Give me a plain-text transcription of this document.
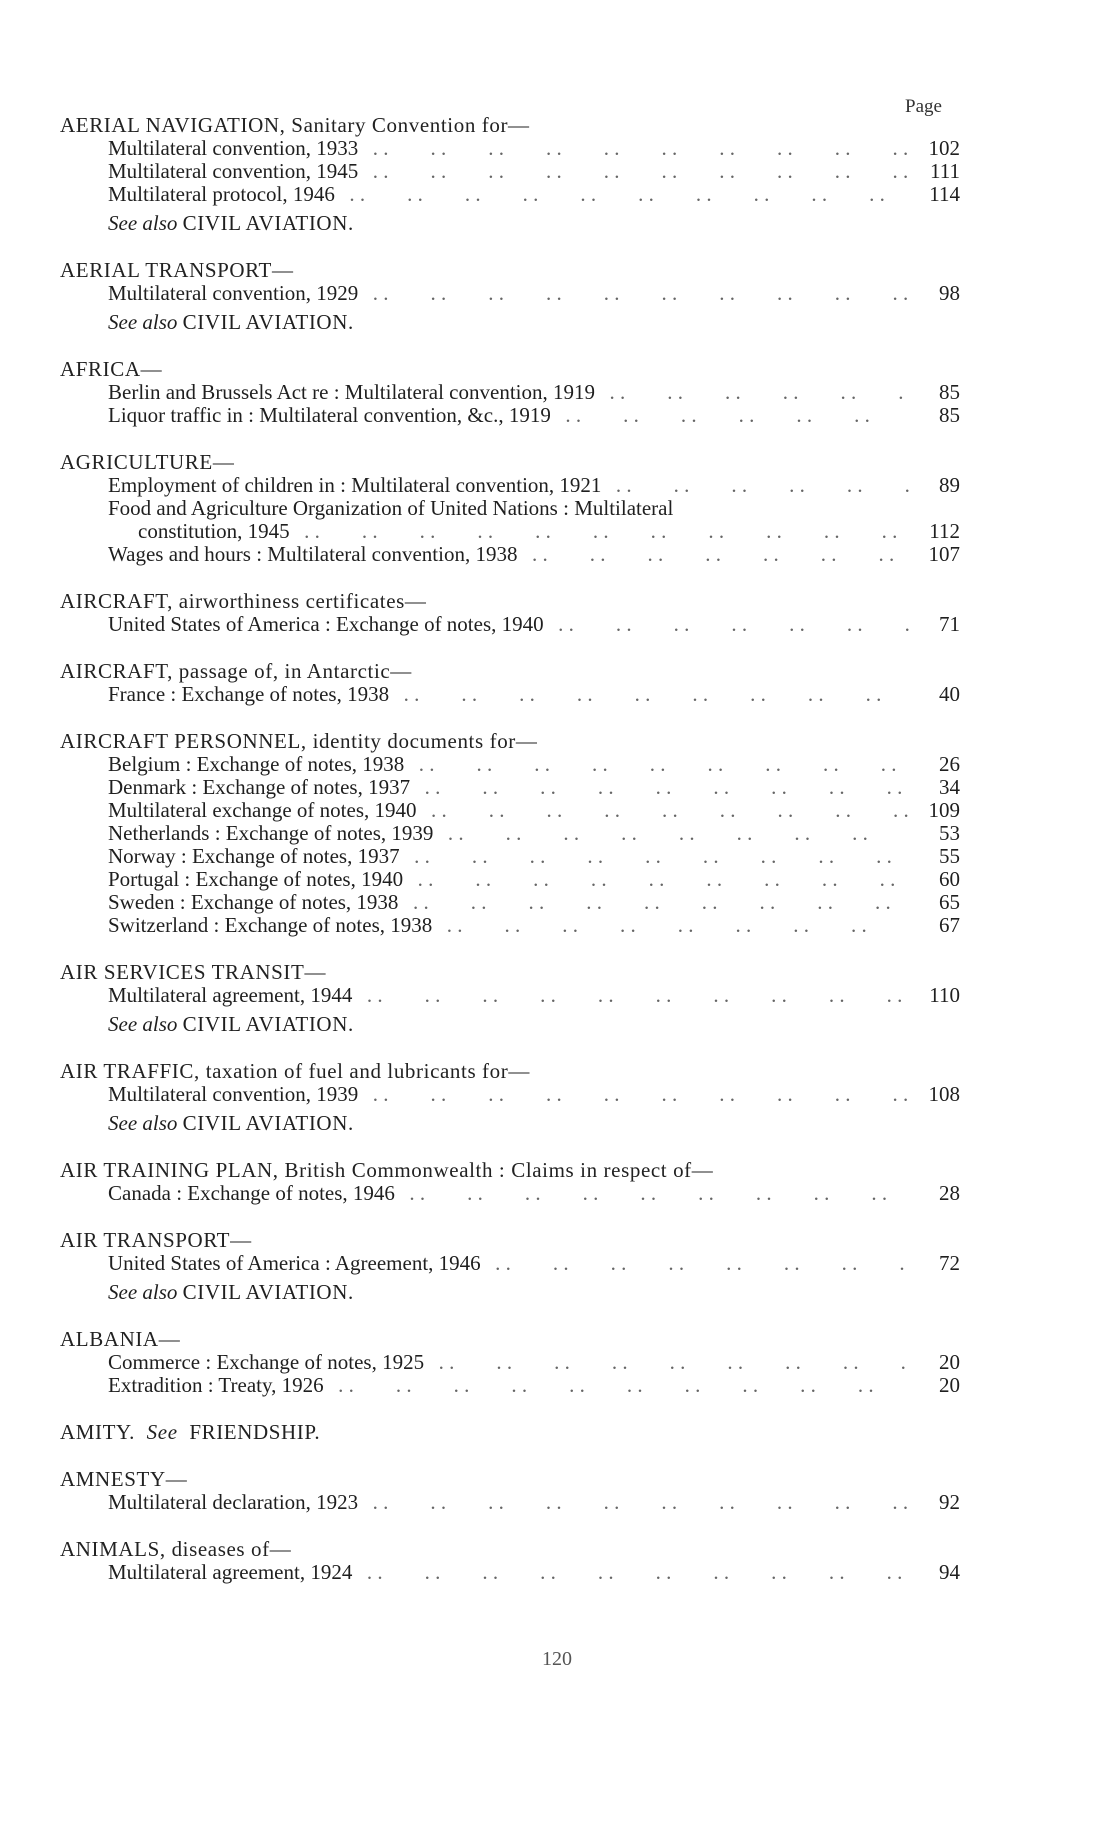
Page
AERIAL NAVIGATION, Sanitary Convention for—
Multilateral convention, 1933 . .	102
Multilateral convention, 1945 . .	111
Multilateral protocol, 1946 . .	114
See also CIVIL AVIATION.
AERIAL TRANSPORT—
Multilateral convention, 1929 . .	98
See also CIVIL AVIATION.
AFRICA—
Berlin and Brussels Act re : Multilateral convention, 1919 . .	85
Liquor traffic in : Multilateral convention, &c., 1919 . .	85
AGRICULTURE—
Employment of children in : Multilateral convention, 1921 . .	89
Food and Agriculture Organization of United Nations : Multilateral
constitution, 1945 . .	112
Wages and hours : Multilateral convention, 1938 . .	107
AIRCRAFT, airworthiness certificates—
United States of America : Exchange of notes, 1940 . .	71
AIRCRAFT, passage of, in Antarctic—
France : Exchange of notes, 1938 . .	40
AIRCRAFT PERSONNEL, identity documents for—
Belgium : Exchange of notes, 1938 . .	26
Denmark : Exchange of notes, 1937 . .	34
Multilateral exchange of notes, 1940 . .	109
Netherlands : Exchange of notes, 1939 . .	53
Norway : Exchange of notes, 1937 . .	55
Portugal : Exchange of notes, 1940 . .	60
Sweden : Exchange of notes, 1938 . .	65
Switzerland : Exchange of notes, 1938 . .	67
AIR SERVICES TRANSIT—
Multilateral agreement, 1944 . .	110
See also CIVIL AVIATION.
AIR TRAFFIC, taxation of fuel and lubricants for—
Multilateral convention, 1939 . .	108
See also CIVIL AVIATION.
AIR TRAINING PLAN, British Commonwealth : Claims in respect of—
Canada : Exchange of notes, 1946 . .	28
AIR TRANSPORT—
United States of America : Agreement, 1946 . .	72
See also CIVIL AVIATION.
ALBANIA—
Commerce : Exchange of notes, 1925 . .	20
Extradition : Treaty, 1926 . .	20
AMITY. See FRIENDSHIP.
AMNESTY—
Multilateral declaration, 1923 . .	92
ANIMALS, diseases of—
Multilateral agreement, 1924 . .	94
120
